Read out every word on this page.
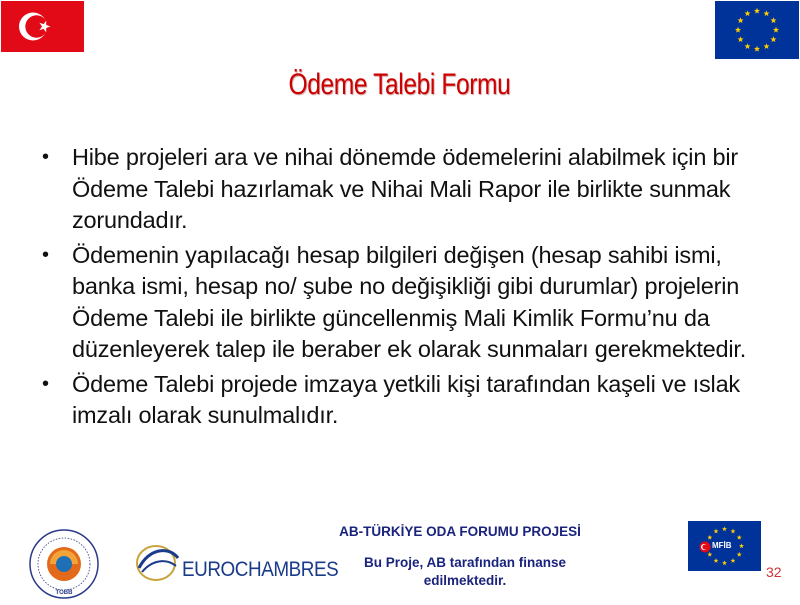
Ödeme Talebi Formu
• Hibe projeleri ara ve nihai dönemde ödemelerini alabilmek için bir Ödeme Talebi hazırlamak ve Nihai Mali Rapor ile birlikte sunmak zorundadır.
• Ödemenin yapılacağı hesap bilgileri değişen (hesap sahibi ismi, banka ismi, hesap no/ şube no değişikliği gibi durumlar) projelerin Ödeme Talebi ile birlikte güncellenmiş Mali Kimlik Formu’nu da düzenleyerek talep ile beraber ek olarak sunmaları gerekmektedir.
• Ödeme Talebi projede imzaya yetkili kişi tarafından kaşeli ve ıslak imzalı olarak sunulmalıdır.
TOBB
EUROCHAMBRES
AB-TÜRKİYE ODA FORUMU PROJESİ
Bu Proje, AB tarafından finanse edilmektedir.
MFİB
32
